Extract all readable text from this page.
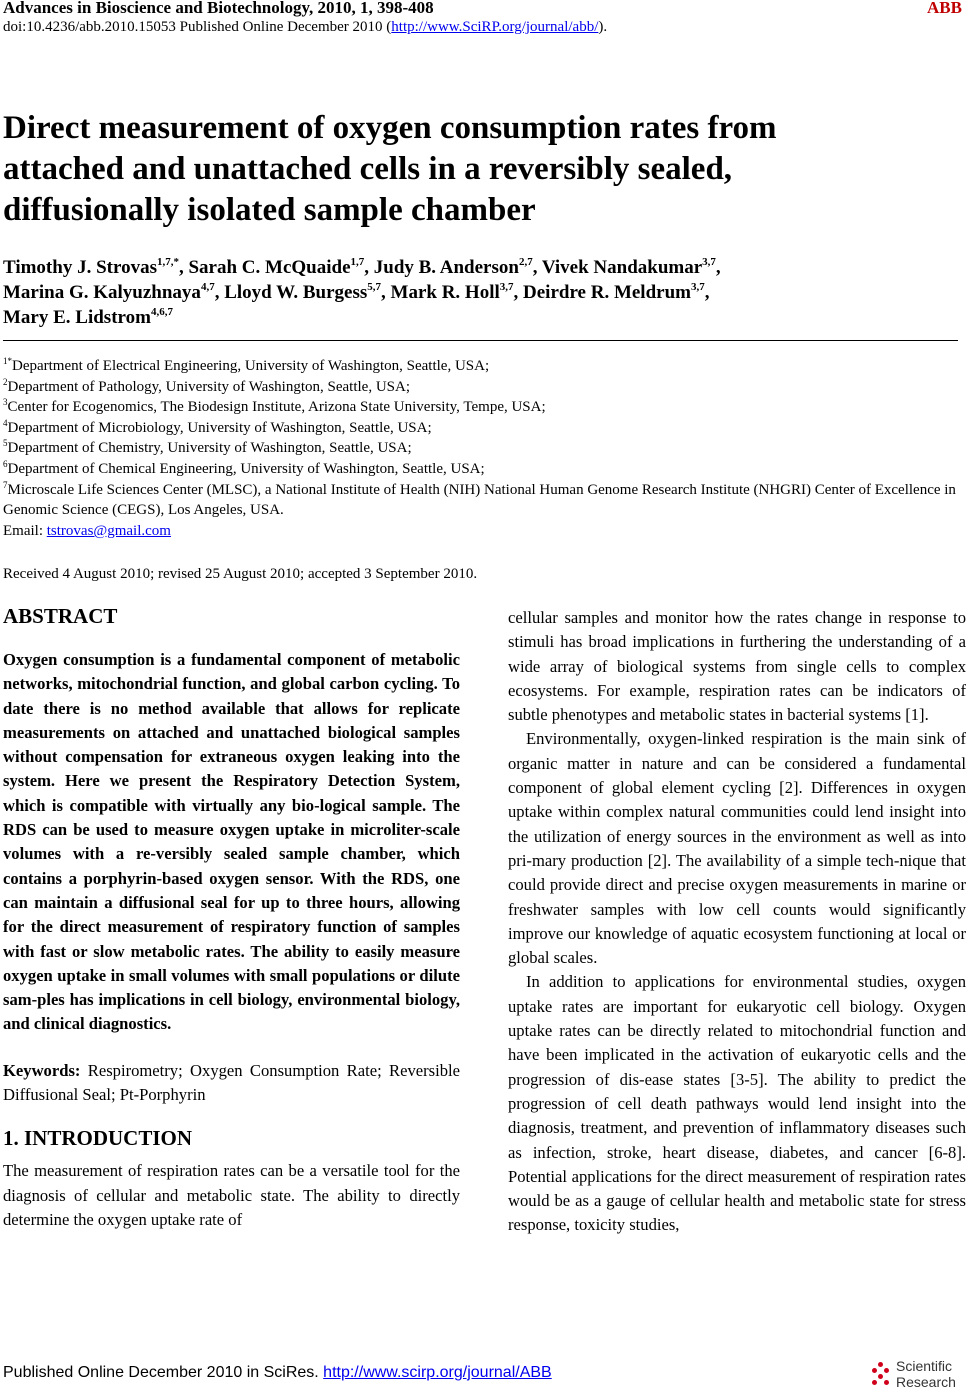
Advances in Bioscience and Biotechnology, 2010, 1, 398-408	ABB
doi:10.4236/abb.2010.15053 Published Online December 2010 (http://www.SciRP.org/journal/abb/).
Direct measurement of oxygen consumption rates from attached and unattached cells in a reversibly sealed, diffusionally isolated sample chamber
Timothy J. Strovas$^{1,7,*}$, Sarah C. McQuaide$^{1,7}$, Judy B. Anderson$^{2,7}$, Vivek Nandakumar$^{3,7}$,
Marina G. Kalyuzhnaya$^{4,7}$, Lloyd W. Burgess$^{5,7}$, Mark R. Holl$^{3,7}$, Deirdre R. Meldrum$^{3,7}$,
Mary E. Lidstrom$^{4,6,7}$
$^{1*}$Department of Electrical Engineering, University of Washington, Seattle, USA;
$^2$Department of Pathology, University of Washington, Seattle, USA;
$^3$Center for Ecogenomics, The Biodesign Institute, Arizona State University, Tempe, USA;
$^4$Department of Microbiology, University of Washington, Seattle, USA;
$^5$Department of Chemistry, University of Washington, Seattle, USA;
$^6$Department of Chemical Engineering, University of Washington, Seattle, USA;
$^7$Microscale Life Sciences Center (MLSC), a National Institute of Health (NIH) National Human Genome Research Institute (NHGRI) Center of Excellence in Genomic Science (CEGS), Los Angeles, USA.
Email: tstrovas@gmail.com
Received 4 August 2010; revised 25 August 2010; accepted 3 September 2010.
ABSTRACT

Oxygen consumption is a fundamental component of metabolic networks, mitochondrial function, and global carbon cycling. To date there is no method available that allows for replicate measurements on attached and unattached biological samples without compensation for extraneous oxygen leaking into the system. Here we present the Respiratory Detection System, which is compatible with virtually any bio-logical sample. The RDS can be used to measure oxygen uptake in microliter-scale volumes with a re-versibly sealed sample chamber, which contains a porphyrin-based oxygen sensor. With the RDS, one can maintain a diffusional seal for up to three hours, allowing for the direct measurement of respiratory function of samples with fast or slow metabolic rates. The ability to easily measure oxygen uptake in small volumes with small populations or dilute sam-ples has implications in cell biology, environmental biology, and clinical diagnostics.

Keywords: Respirometry; Oxygen Consumption Rate; Reversible Diffusional Seal; Pt-Porphyrin

1. INTRODUCTION

The measurement of respiration rates can be a versatile tool for the diagnosis of cellular and metabolic state. The ability to directly determine the oxygen uptake rate of

cellular samples and monitor how the rates change in response to stimuli has broad implications in furthering the understanding of a wide array of biological systems from single cells to complex ecosystems. For example, respiration rates can be indicators of subtle phenotypes and metabolic states in bacterial systems [1].

Environmentally, oxygen-linked respiration is the main sink of organic matter in nature and can be considered a fundamental component of global element cycling [2]. Differences in oxygen uptake within complex natural communities could lend insight into the utilization of energy sources in the environment as well as into pri-mary production [2]. The availability of a simple tech-nique that could provide direct and precise oxygen measurements in marine or freshwater samples with low cell counts would significantly improve our knowledge of aquatic ecosystem functioning at local or global scales.

In addition to applications for environmental studies, oxygen uptake rates are important for eukaryotic cell biology. Oxygen uptake rates can be directly related to mitochondrial function and have been implicated in the activation of eukaryotic cells and the progression of dis-ease states [3-5]. The ability to predict the progression of cell death pathways would lend insight into the diagnosis, treatment, and prevention of inflammatory diseases such as infection, stroke, heart disease, diabetes, and cancer [6-8]. Potential applications for the direct measurement of respiration rates would be as a gauge of cellular health and metabolic state for stress response, toxicity studies,

Published Online December 2010 in SciRes. http://www.scirp.org/journal/ABB	Scientific
Research
